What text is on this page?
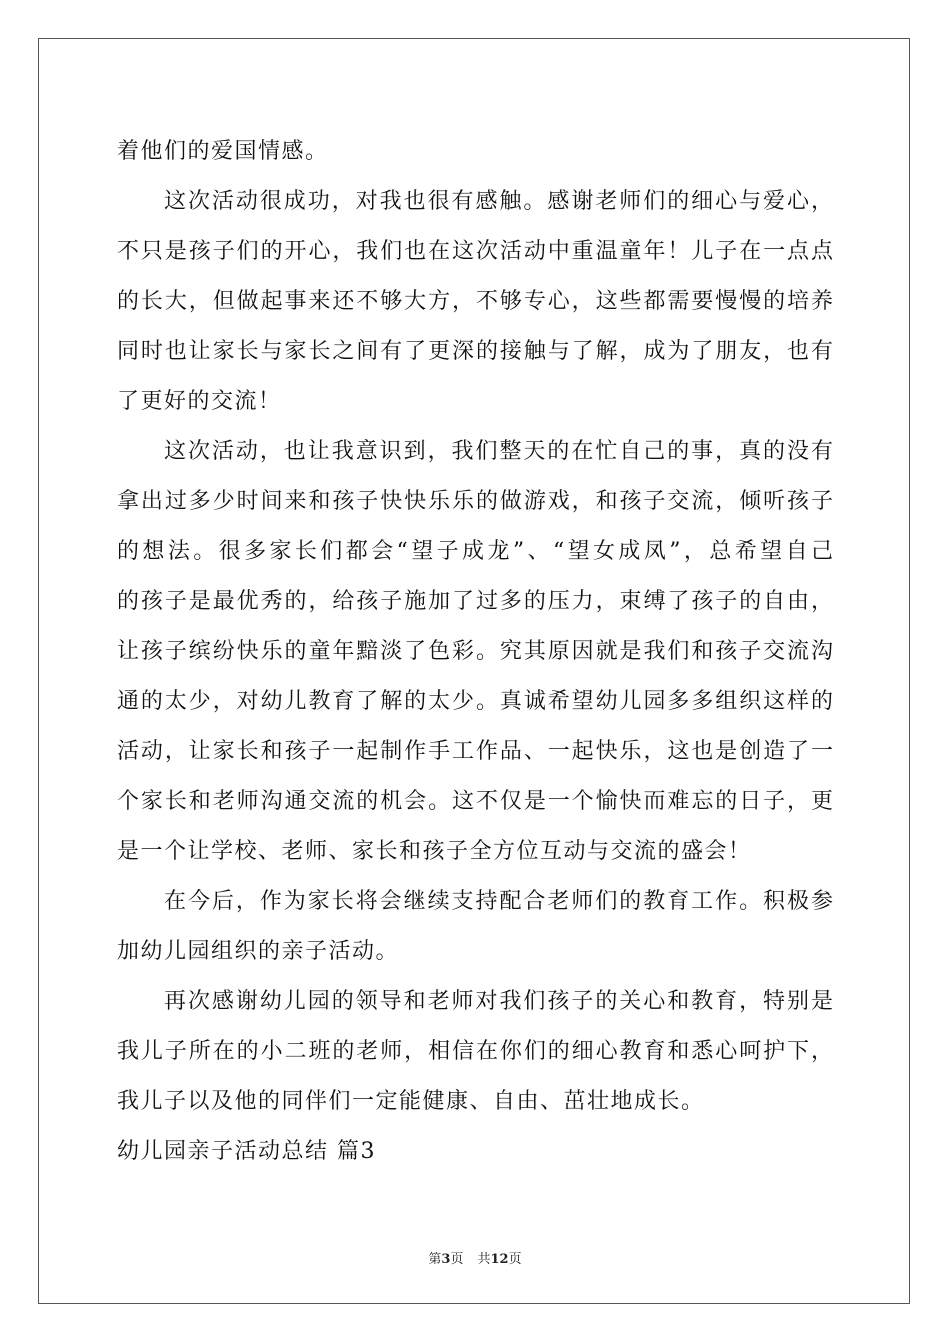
着他们的爱国情感。
这次活动很成功，对我也很有感触。感谢老师们的细心与爱心，
不只是孩子们的开心，我们也在这次活动中重温童年！儿子在一点点
的长大，但做起事来还不够大方，不够专心，这些都需要慢慢的培养
同时也让家长与家长之间有了更深的接触与了解，成为了朋友，也有
了更好的交流！
这次活动，也让我意识到，我们整天的在忙自己的事，真的没有
拿出过多少时间来和孩子快快乐乐的做游戏，和孩子交流，倾听孩子
的想法。很多家长们都会“望子成龙”、“望女成凤”，总希望自己
的孩子是最优秀的，给孩子施加了过多的压力，束缚了孩子的自由，
让孩子缤纷快乐的童年黯淡了色彩。究其原因就是我们和孩子交流沟
通的太少，对幼儿教育了解的太少。真诚希望幼儿园多多组织这样的
活动，让家长和孩子一起制作手工作品、一起快乐，这也是创造了一
个家长和老师沟通交流的机会。这不仅是一个愉快而难忘的日子，更
是一个让学校、老师、家长和孩子全方位互动与交流的盛会！
在今后，作为家长将会继续支持配合老师们的教育工作。积极参
加幼儿园组织的亲子活动。
再次感谢幼儿园的领导和老师对我们孩子的关心和教育，特别是
我儿子所在的小二班的老师，相信在你们的细心教育和悉心呵护下，
我儿子以及他的同伴们一定能健康、自由、茁壮地成长。
幼儿园亲子活动总结 篇3
第3页 共12页
